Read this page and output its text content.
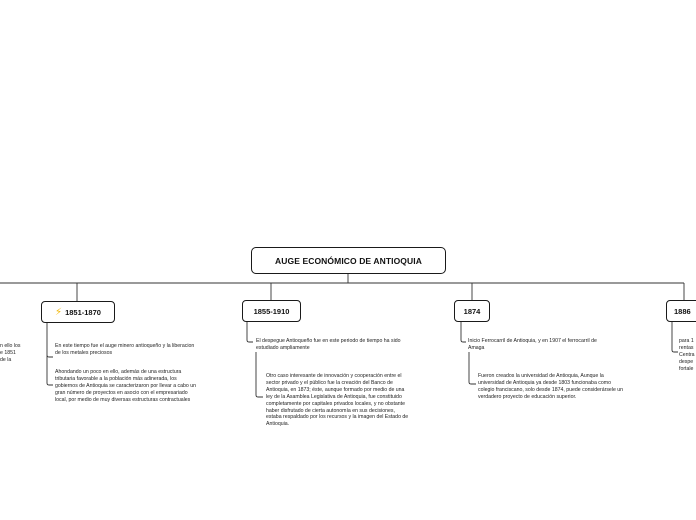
AUGE ECONÓMICO DE ANTIOQUIA
⚡ 1851-1870	1855-1910	1874	1886
n ello los
e 1851
de la
En este tiempo fue el auge minero antioqueño y la liberacion
de los metales preciosos
Ahondando un poco en ello, además de una estructura
tributaria favorable a la población más adinerada, los
gobiernos de Antioquia se caracterizaron por llevar a cabo un
gran número de proyectos en asocio con el empresariado
local, por medio de muy diversas estructuras contractuales
El despegue Antioqueño fue en este periodo de tiempo ha sido
estudiado ampliamente
Otro caso interesante de innovación y cooperación entre el
sector privado y el público fue la creación del Banco de
Antioquia, en 1873; éste, aunque formado por medio de una
ley de la Asamblea Legislativa de Antioquia, fue constituido
completamente por capitales privados locales, y no obstante
haber disfrutado de cierta autonomía en sus decisiones,
estaba respaldado por los recursos y la imagen del Estado de
Antioquia.
Inicio Ferrocarril de Antioquia, y en 1907 el ferrocarril de
Amaga
Fueron creados la universidad de Antioquia, Aunque la
universidad de Antioquia ya desde 1803 funcionaba como
colegio franciscano, solo desde 1874, puede considerársele un
verdadero proyecto de educación superior.
para 1
rentas
Centra
despe
fortale
